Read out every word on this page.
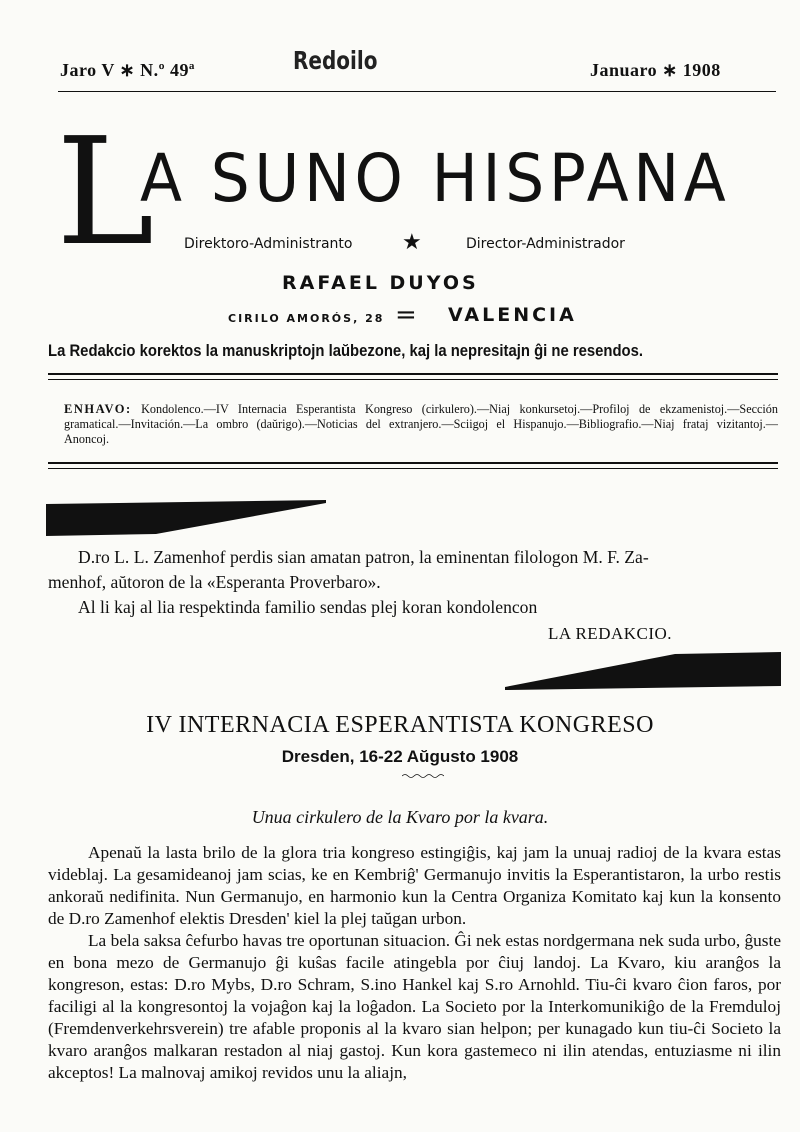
Jaro V ∗ N.º 49ª	Redoilo	Januaro ∗ 1908
L
A SUNO HISPANA
Direktoro-Administranto ★	Director-Administrador
RAFAEL DUYOS
CIRILO AMORÓS, 28 = VALENCIA
La Redakcio korektos la manuskriptojn laŭbezone, kaj la nepresitajn ĝi ne resendos.
ENHAVO: Kondolenco.—IV Internacia Esperantista Kongreso (cirkulero).—Niaj konkursetoj.—Profiloj de ekzamenistoj.—Sección gramatical.—Invitación.—La ombro (daŭrigo).—Noticias del extranjero.—Sciigoj el Hispanujo.—Bibliografio.—Niaj frataj vizitantoj.—Anoncoj.
D.ro L. L. Zamenhof perdis sian amatan patron, la eminentan filologon M. F. Za-
menhof, aŭtoron de la «Esperanta Proverbaro».
Al li kaj al lia respektinda familio sendas plej koran kondolencon
LA REDAKCIO.
IV INTERNACIA ESPERANTISTA KONGRESO
Dresden, 16-22 Aŭgusto 1908
Unua cirkulero de la Kvaro por la kvara.

Apenaŭ la lasta brilo de la glora tria kongreso estingiĝis, kaj jam la unuaj radioj de la kvara estas videblaj. La gesamideanoj jam scias, ke en Kembriĝ' Germanujo invitis la Esperantistaron, la urbo restis ankoraŭ nedifinita. Nun Germanujo, en harmonio kun la Centra Organiza Komitato kaj kun la konsento de D.ro Zamenhof elektis Dresden' kiel la plej taŭgan urbon.

La bela saksa ĉefurbo havas tre oportunan situacion. Ĝi nek estas nordgermana nek suda urbo, ĝuste en bona mezo de Germanujo ĝi kuŝas facile atingebla por ĉiuj landoj. La Kvaro, kiu aranĝos la kongreson, estas: D.ro Mybs, D.ro Schram, S.ino Hankel kaj S.ro Arnohld. Tiu-ĉi kvaro ĉion faros, por faciligi al la kongresontoj la vojaĝon kaj la loĝadon. La Societo por la Interkomunikiĝo de la Fremduloj (Fremdenverkehrsverein) tre afable proponis al la kvaro sian helpon; per kunagado kun tiu-ĉi Societo la kvaro aranĝos malkaran restadon al niaj gastoj. Kun kora gastemeco ni ilin atendas, entuziasme ni ilin akceptos! La malnovaj amikoj revidos unu la aliajn,
